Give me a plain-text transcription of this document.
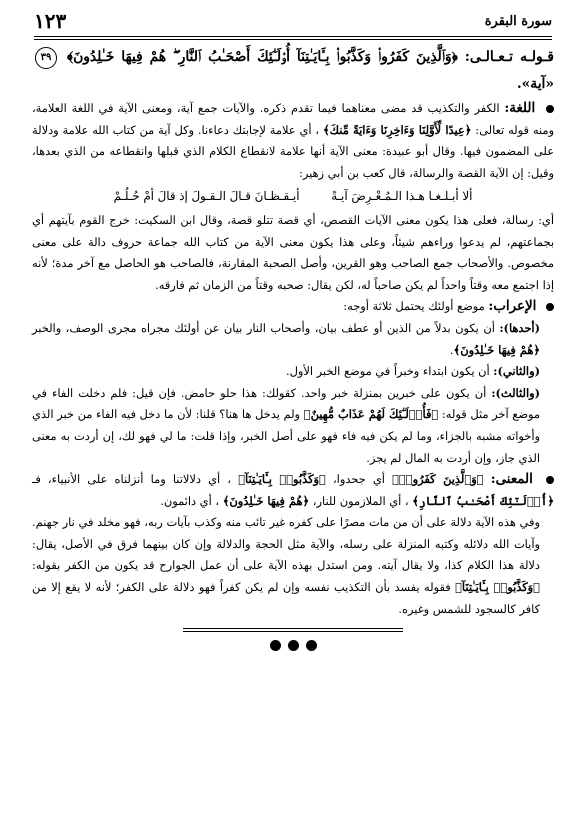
سورة البقرة
١٢٣

قـولـه تـعـالـى: ﴿وَٱلَّذِينَ كَفَرُوا۟ وَكَذَّبُوا۟ بِـَٔايَـٰتِنَآ أُو۟لَـٰٓئِكَ أَصْحَـٰبُ ٱلنَّارِ ۖ هُمْ فِيهَا خَـٰلِدُونَ﴾ ٣٩ «آية».

اللغة: الكفر والتكذيب قد مضى معناهما فيما تقدم ذكره. والآيات جمع آية، ومعنى الآية في اللغة العلامة، ومنه قوله تعالى: ﴿عِيدًا لِّأَوَّلِنَا وَءَاخِرِنَا وَءَايَةً مِّنكَ﴾ ، أي علامة لإجابتك دعاءنا. وكل آية من كتاب الله علامة ودلالة على المضمون فيها. وقال أبو عبيدة: معنى الآية أنها علامة لانقطاع الكلام الذي قبلها وانقطاعه من الذي بعدها، وقيل: إن الآية القصة والرسالة، قال كعب بن أبي زهير:

ألا أبـلـغـا هـذا الـمُـعْـرِضَ آيـةً أيـقـظـانَ قـالَ الـقـولَ إذ قالَ أمْ حُـلُـمْ

أي: رسالة، فعلى هذا يكون معنى الآيات القصص، أي قصة تتلو قصة، وقال ابن السكيت: خرج القوم بآيتهم أي بجماعتهم، لم يدعوا وراءهم شيئاً، وعلى هذا يكون معنى الآية من كتاب الله جماعة حروف دالة على معنى مخصوص. والأصحاب جمع الصاحب وهو القرين، وأصل الصحبة المقارنة، فالصاحب هو الحاصل مع آخر مدة؛ لأنه إذا اجتمع معه وقتاً واحداً لم يكن صاحباً له، لكن يقال: صحبه وقتاً من الزمان ثم فارقه.

الإعراب: موضع أولئك يحتمل ثلاثة أوجه:

(أحدها): أن يكون بدلاً من الذين أو عطف بيان، وأصحاب النار بيان عن أولئك مجراه مجرى الوصف، والخبر ﴿هُمْ فِيهَا خَـٰلِدُونَ﴾.

(والثاني): أن يكون ابتداء وخبراً في موضع الخبر الأول.

(والثالث): أن يكون على خبرين بمنزلة خبر واحد. كقولك: هذا حلو حامض. فإن قيل: فلم دخلت الفاء في موضع آخر مثل قوله: ﴿فَأُو۟لَـٰٓئِكَ لَهُمْ عَذَابٌ مُّهِينٌ﴾ ولم يدخل ها هنا؟ قلنا: لأن ما دخل فيه الفاء من خبر الذي وأخواته مشبه بالجزاء، وما لم يكن فيه فاء فهو على أصل الخبر، وإذا قلت: ما لي فهو لك، إن أردت به معنى الذي جاز، وإن أردت به المال لم يجز.

المعنى: ﴿وَٱلَّذِينَ كَفَرُوا۟﴾ أي جحدوا، ﴿وَكَذَّبُوا۟ بِـَٔايَـٰتِنَآ﴾ ، أي دلالاتنا وما أنزلناه على الأنبياء، فـ ﴿أُو۟لَـٰٓئِكَ أَصْحَـٰبُ ٱلنَّارِ﴾ ، أي الملازمون للنار، ﴿هُمْ فِيهَا خَـٰلِدُونَ﴾ ، أي دائمون.

وفي هذه الآية دلالة على أن من مات مصرًا على كفره غير تائب منه وكذب بآيات ربه، فهو مخلد في نار جهنم. وآيات الله دلائله وكتبه المنزلة على رسله، والآية مثل الحجة والدلالة وإن كان بينهما فرق في الأصل، يقال: دلالة هذا الكلام كذا، ولا يقال آيته. ومن استدل بهذه الآية على أن عمل الجوارح قد يكون من الكفر بقوله: ﴿وَكَذَّبُوا۟ بِـَٔايَـٰتِنَآ﴾ فقوله يفسد بأن التكذيب نفسه وإن لم يكن كفراً فهو دلالة على الكفر؛ لأنه لا يقع إلا من كافر كالسجود للشمس وغيره.
